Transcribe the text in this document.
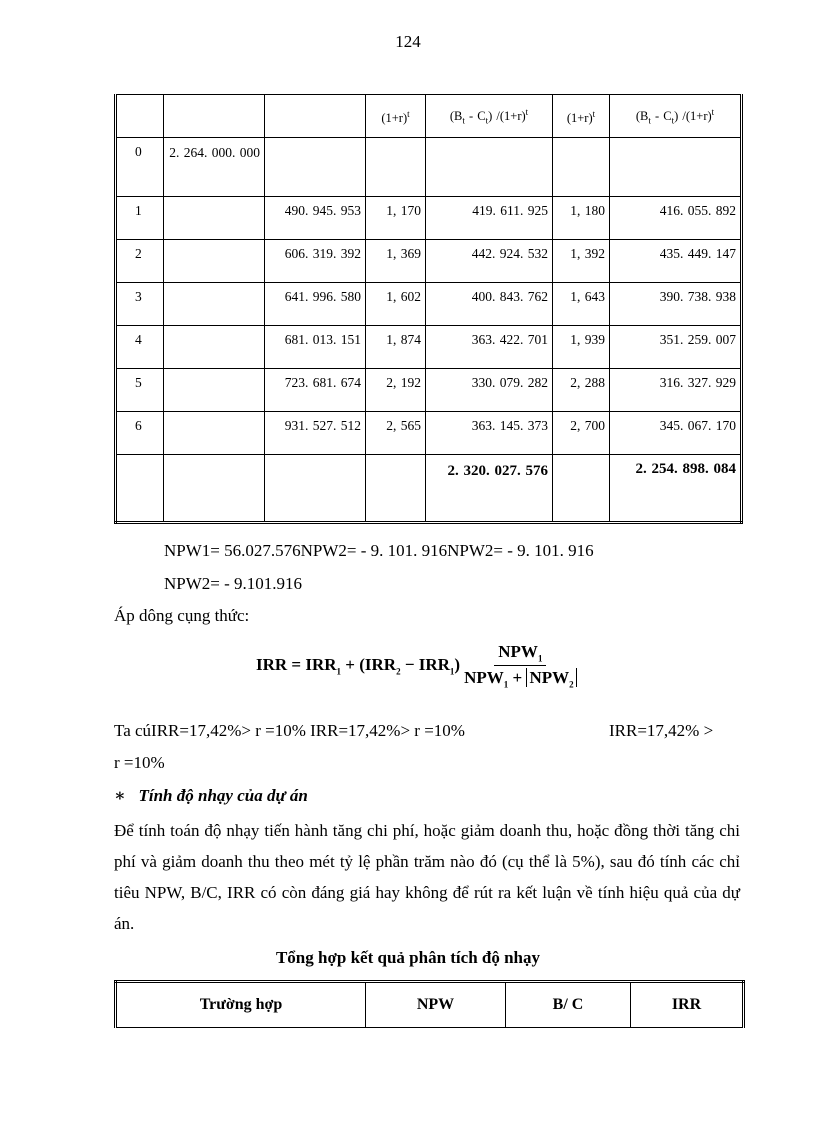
124
			$(1+r)^t$	$(B_t - C_t)$ $/(1+r)^t$	$(1+r)^t$	$(B_t - C_t)$ $/(1+r)^t$
0	2. 264. 000. 000					
1		490. 945. 953	1, 170	419. 611. 925	1, 180	416. 055. 892
2		606. 319. 392	1, 369	442. 924. 532	1, 392	435. 449. 147
3		641. 996. 580	1, 602	400. 843. 762	1, 643	390. 738. 938
4		681. 013. 151	1, 874	363. 422. 701	1, 939	351. 259. 007
5		723. 681. 674	2, 192	330. 079. 282	2, 288	316. 327. 929
6		931. 527. 512	2, 565	363. 145. 373	2, 700	345. 067. 170
				2. 320. 027. 576		2. 254. 898. 084
NPW1= 56.027.576NPW2= - 9. 101. 916NPW2= - 9. 101. 916
NPW2= - 9.101.916
Áp dông cụng thức:
IRR = $IRR_1 + (IRR_2 - IRR_1) \frac{NPW_1}{NPW_1 + NPW_2}$
Ta cúIRR=17,42%> r =10% IRR=17,42%> r =10%	IRR=17,42% >
r =10%
∗ Tính độ nhạy của dự án
Để tính toán độ nhạy tiến hành tăng chi phí, hoặc giảm doanh thu, hoặc đồng thời tăng chi phí và giảm doanh thu theo mét tỷ lệ phần trăm nào đó (cụ thể là 5%), sau đó tính các chỉ tiêu NPW, B/C, IRR có còn đáng giá hay không để rút ra kết luận về tính hiệu quả của dự án.
Tổng hợp kết quả phân tích độ nhạy
Trường hợp	NPW	B/ C	IRR
